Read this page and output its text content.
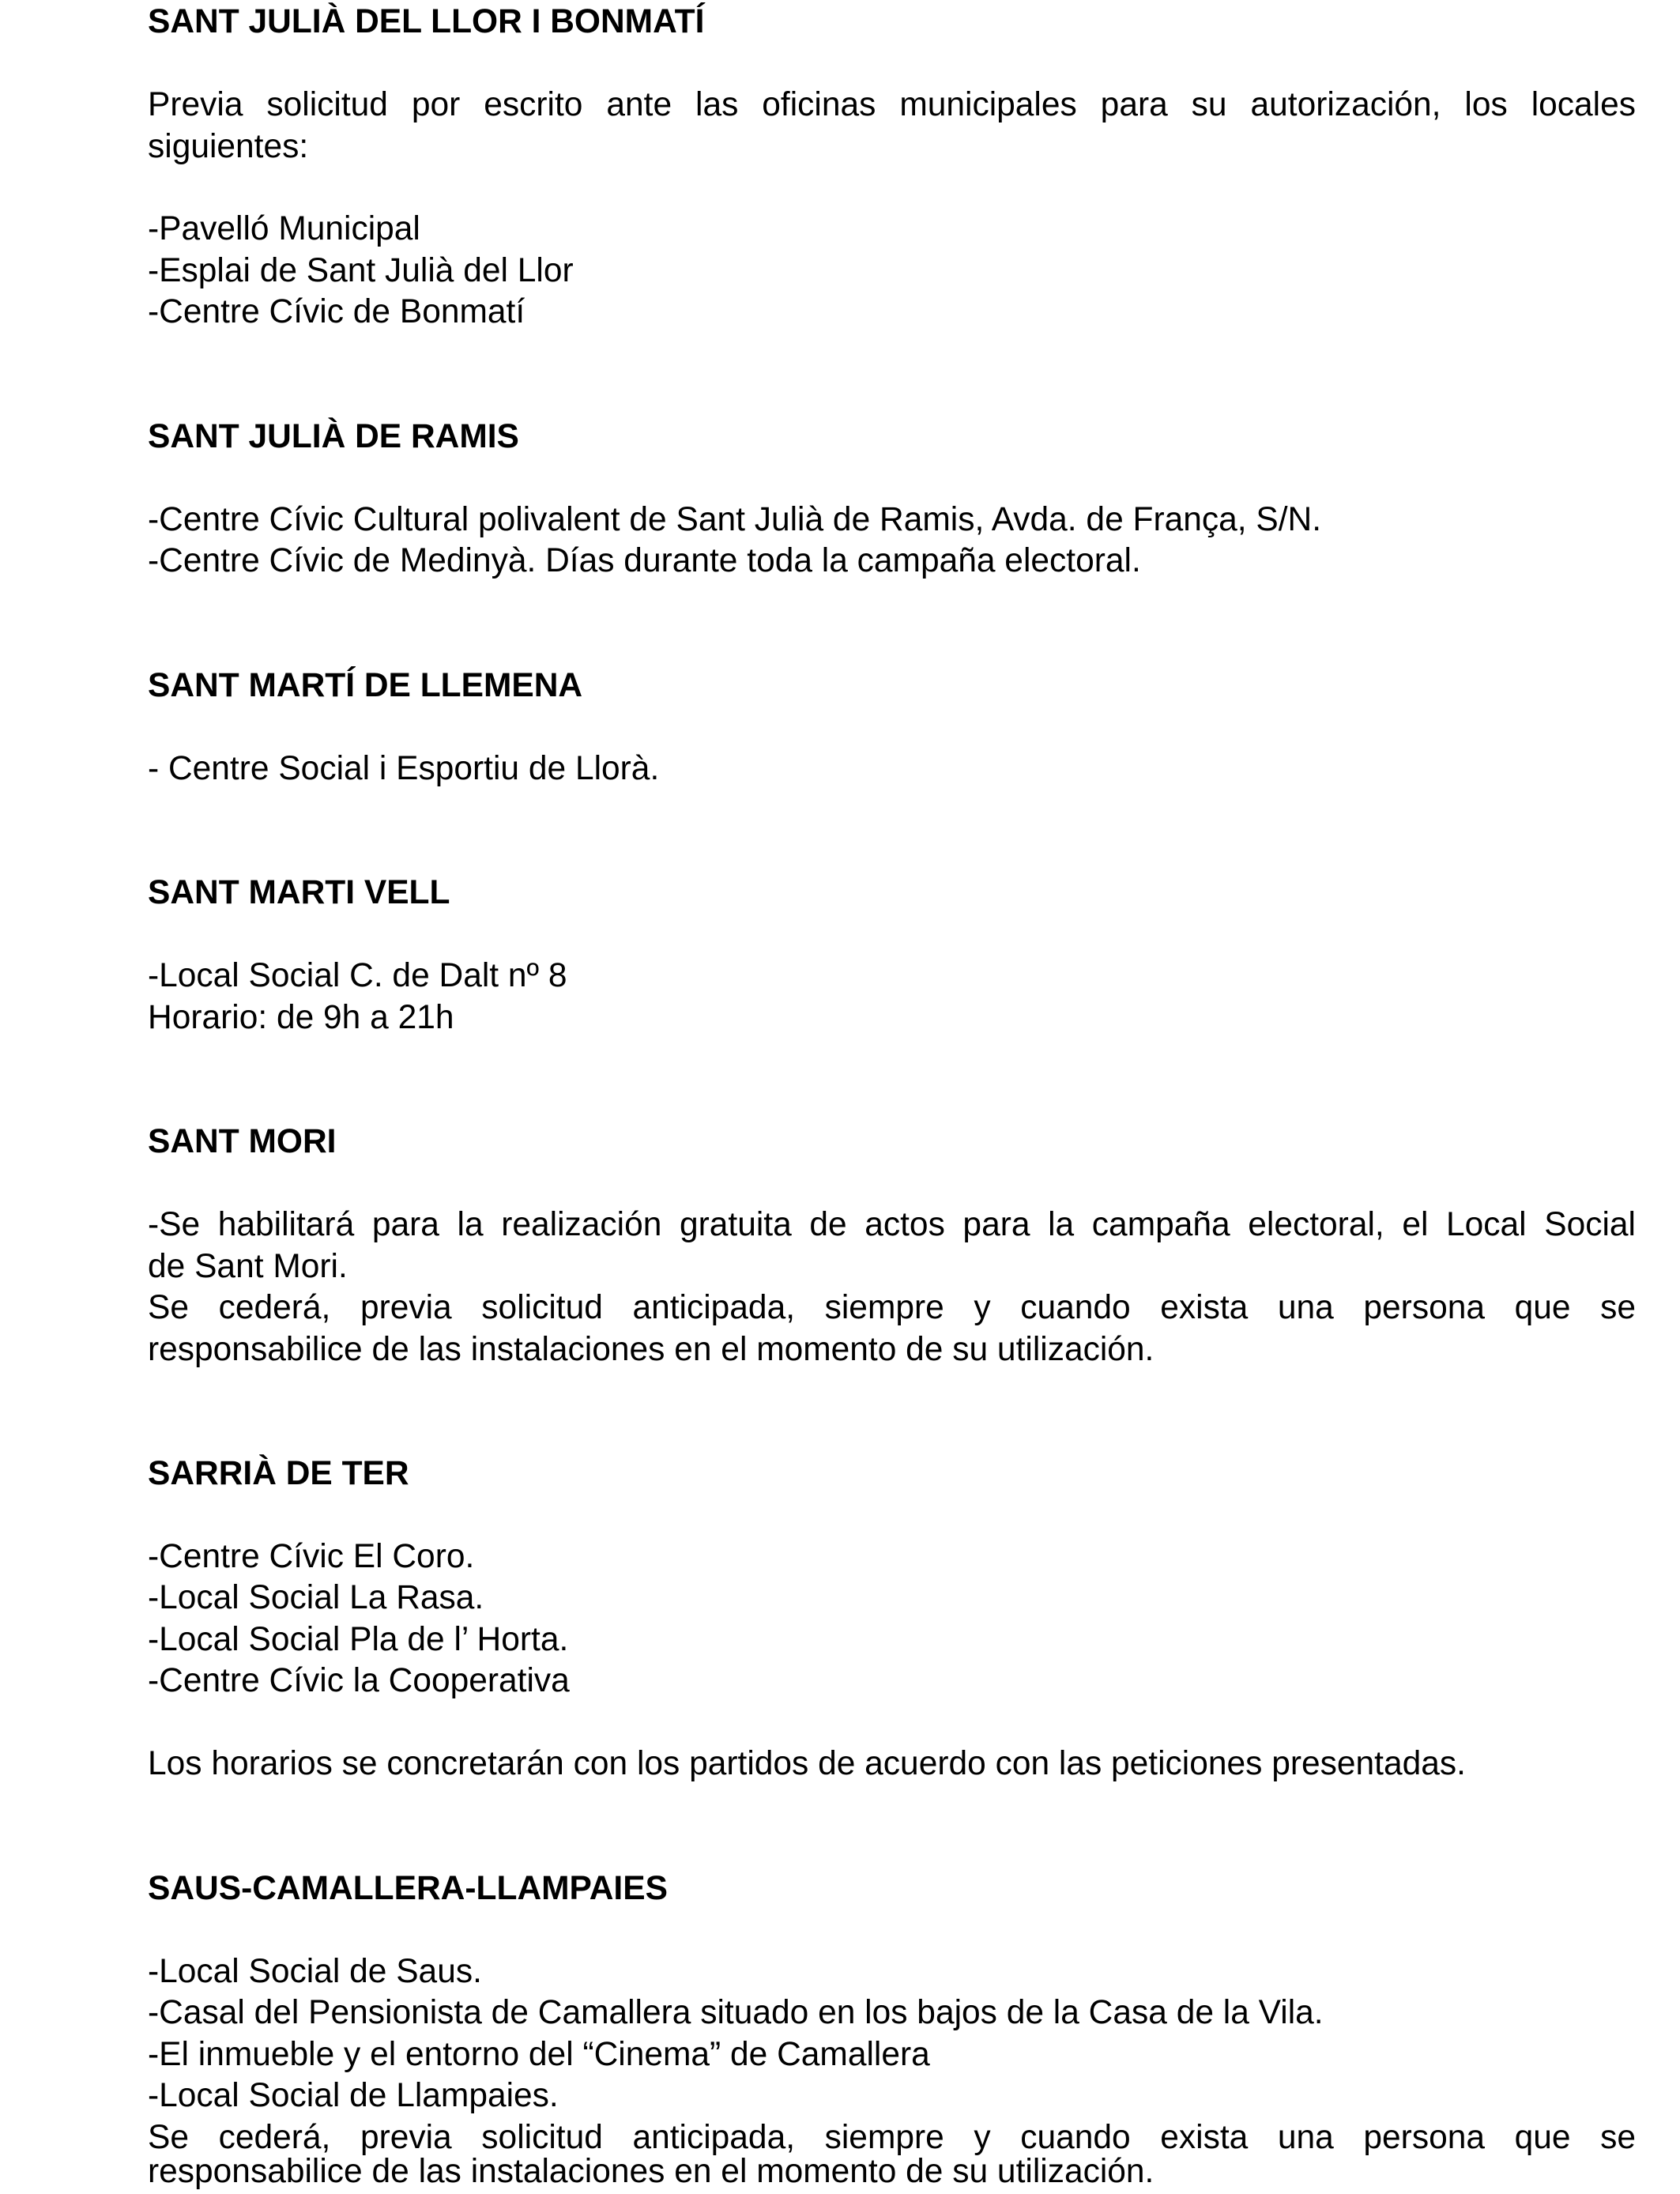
SANT JULIÀ DEL LLOR I BONMATÍ
Previa solicitud por escrito ante las oficinas municipales para su autorización, los locales
siguientes:
-Pavelló Municipal
-Esplai de Sant Julià del Llor
-Centre Cívic de Bonmatí
SANT JULIÀ DE RAMIS
-Centre Cívic Cultural polivalent de Sant Julià de Ramis, Avda. de França, S/N.
-Centre Cívic de Medinyà. Días durante toda la campaña electoral.
SANT MARTÍ DE LLEMENA
- Centre Social i Esportiu de Llorà.
SANT MARTI VELL
-Local Social C. de Dalt nº 8
Horario: de 9h a 21h
SANT MORI
-Se habilitará para la realización gratuita de actos para la campaña electoral, el Local Social
de Sant Mori.
Se cederá, previa solicitud anticipada, siempre y cuando exista una persona que se
responsabilice de las instalaciones en el momento de su utilización.
SARRIÀ DE TER
-Centre Cívic El Coro.
-Local Social La Rasa.
-Local Social Pla de l’ Horta.
-Centre Cívic la Cooperativa
Los horarios se concretarán con los partidos de acuerdo con las peticiones presentadas.
SAUS-CAMALLERA-LLAMPAIES
-Local Social de Saus.
-Casal del Pensionista de Camallera situado en los bajos de la Casa de la Vila.
-El inmueble y el entorno del “Cinema” de Camallera
-Local Social de Llampaies.
Se cederá, previa solicitud anticipada, siempre y cuando exista una persona que se
responsabilice de las instalaciones en el momento de su utilización.
